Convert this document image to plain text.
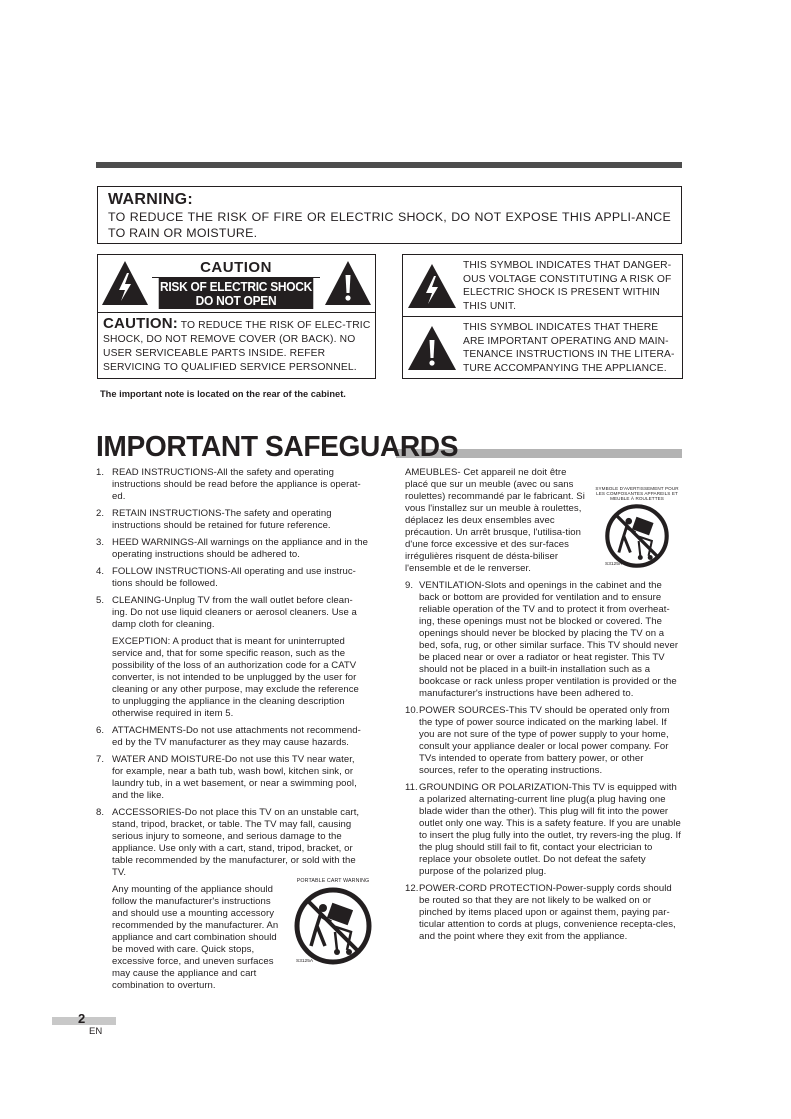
WARNING:
TO REDUCE THE RISK OF FIRE OR ELECTRIC SHOCK, DO NOT EXPOSE THIS APPLI-ANCE TO RAIN OR MOISTURE.
CAUTION
RISK OF ELECTRIC SHOCK
DO NOT OPEN
CAUTION: TO REDUCE THE RISK OF ELEC-TRIC SHOCK, DO NOT REMOVE COVER (OR BACK). NO USER SERVICEABLE PARTS INSIDE. REFER SERVICING TO QUALIFIED SERVICE PERSONNEL.
THIS SYMBOL INDICATES THAT DANGER-OUS VOLTAGE CONSTITUTING A RISK OF ELECTRIC SHOCK IS PRESENT WITHIN THIS UNIT.
THIS SYMBOL INDICATES THAT THERE ARE IMPORTANT OPERATING AND MAIN-TENANCE INSTRUCTIONS IN THE LITERA-TURE ACCOMPANYING THE APPLIANCE.
The important note is located on the rear of the cabinet.
IMPORTANT SAFEGUARDS
1. READ INSTRUCTIONS-All the safety and operating instructions should be read before the appliance is operat-ed.
2. RETAIN INSTRUCTIONS-The safety and operating instructions should be retained for future reference.
3. HEED WARNINGS-All warnings on the appliance and in the operating instructions should be adhered to.
4. FOLLOW INSTRUCTIONS-All operating and use instruc-tions should be followed.
5. CLEANING-Unplug TV from the wall outlet before clean-ing. Do not use liquid cleaners or aerosol cleaners. Use a damp cloth for cleaning.
EXCEPTION: A product that is meant for uninterrupted service and, that for some specific reason, such as the possibility of the loss of an authorization code for a CATV converter, is not intended to be unplugged by the user for cleaning or any other purpose, may exclude the reference to unplugging the appliance in the cleaning description otherwise required in item 5.
6. ATTACHMENTS-Do not use attachments not recommend-ed by the TV manufacturer as they may cause hazards.
7. WATER AND MOISTURE-Do not use this TV near water, for example, near a bath tub, wash bowl, kitchen sink, or laundry tub, in a wet basement, or near a swimming pool, and the like.
8. ACCESSORIES-Do not place this TV on an unstable cart, stand, tripod, bracket, or table. The TV may fall, causing serious injury to someone, and serious damage to the appliance. Use only with a cart, stand, tripod, bracket, or table recommended by the manufacturer, or sold with the TV.
Any mounting of the appliance should follow the manufacturer's instructions and should use a mounting accessory recommended by the manufacturer. An appliance and cart combination should be moved with care. Quick stops, excessive force, and uneven surfaces may cause the appliance and cart combination to overturn.
PORTABLE CART WARNING
S3125A
AMEUBLES- Cet appareil ne doit être placé que sur un meuble (avec ou sans roulettes) recommandé par le fabricant. Si vous l'installez sur un meuble à roulettes, déplacez les deux ensembles avec précaution. Un arrêt brusque, l'utilisa-tion d'une force excessive et des sur-faces irrégulières risquent de désta-biliser l'ensemble et de le renverser.
9. VENTILATION-Slots and openings in the cabinet and the back or bottom are provided for ventilation and to ensure reliable operation of the TV and to protect it from overheat-ing, these openings must not be blocked or covered. The openings should never be blocked by placing the TV on a bed, sofa, rug, or other similar surface. This TV should never be placed near or over a radiator or heat register. This TV should not be placed in a built-in installation such as a bookcase or rack unless proper ventilation is provided or the manufacturer's instructions have been adhered to.
10. POWER SOURCES-This TV should be operated only from the type of power source indicated on the marking label. If you are not sure of the type of power supply to your home, consult your appliance dealer or local power company. For TVs intended to operate from battery power, or other sources, refer to the operating instructions.
11. GROUNDING OR POLARIZATION-This TV is equipped with a polarized alternating-current line plug(a plug having one blade wider than the other). This plug will fit into the power outlet only one way. This is a safety feature. If you are unable to insert the plug fully into the outlet, try revers-ing the plug. If the plug should still fail to fit, contact your electrician to replace your obsolete outlet. Do not defeat the safety purpose of the polarized plug.
12. POWER-CORD PROTECTION-Power-supply cords should be routed so that they are not likely to be walked on or pinched by items placed upon or against them, paying par-ticular attention to cords at plugs, convenience recepta-cles, and the point where they exit from the appliance.
SYMBOLE D'AVERTISSEMENT POUR LES COMPOSANTES APPAREILS ET MEUBLE À ROULETTES
S3125A
2
EN
